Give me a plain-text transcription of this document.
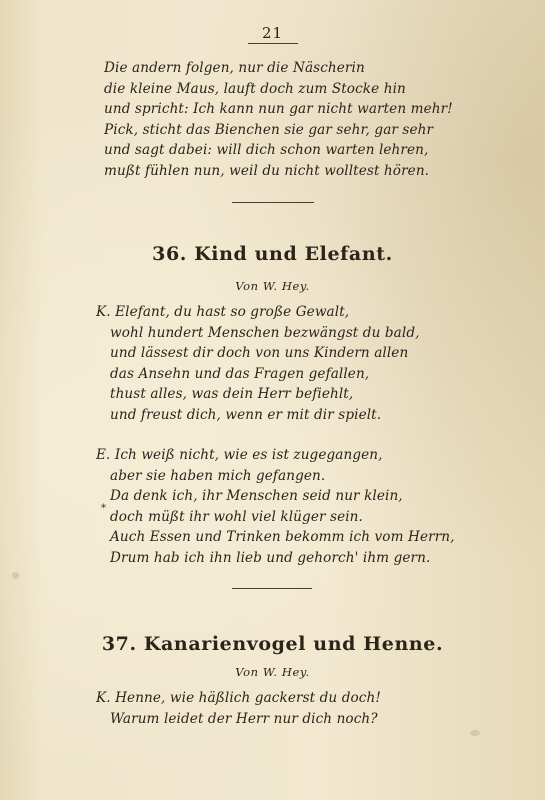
21
Die andern folgen, nur die Näscherin
die kleine Maus, lauft doch zum Stocke hin
und spricht: Ich kann nun gar nicht warten mehr!
Pick, sticht das Bienchen sie gar sehr, gar sehr
und sagt dabei: will dich schon warten lehren,
mußt fühlen nun, weil du nicht wolltest hören.
36. Kind und Elefant.
Von W. Hey.
K. Elefant, du hast so große Gewalt,
wohl hundert Menschen bezwängst du bald,
und lässest dir doch von uns Kindern allen
das Ansehn und das Fragen gefallen,
thust alles, was dein Herr befiehlt,
und freust dich, wenn er mit dir spielt.
E. Ich weiß nicht, wie es ist zugegangen,
aber sie haben mich gefangen.
Da denk ich, ihr Menschen seid nur klein,
doch müßt ihr wohl viel klüger sein.
Auch Essen und Trinken bekomm ich vom Herrn,
Drum hab ich ihn lieb und gehorch' ihm gern.
*
37. Kanarienvogel und Henne.
Von W. Hey.
K. Henne, wie häßlich gackerst du doch!
Warum leidet der Herr nur dich noch?
